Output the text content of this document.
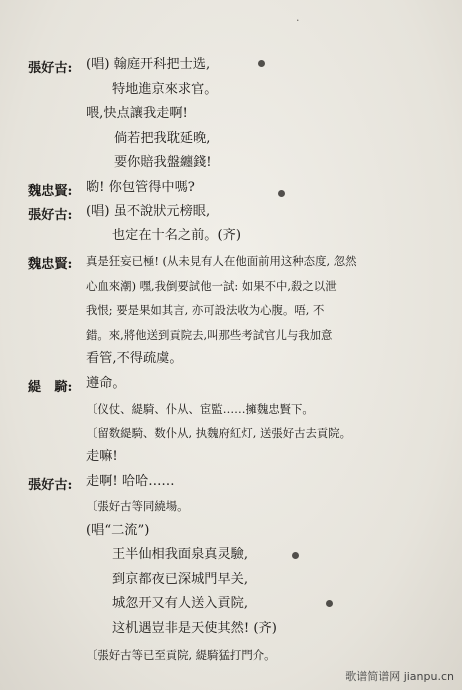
·
張好古: (唱) 翰庭开科把士选,
特地進京來求官。
喂,快点讓我走啊!
倘若把我耽延晚,
要你賠我盤纏錢!
魏忠賢: 喲! 你包管得中嗎?
張好古: (唱) 虽不說狀元榜眼,
也定在十名之前。(齐)
魏忠賢: 真是狂妄已極! (从未見有人在他面前用这种态度, 忽然
心血來潮) 嘿,我倒要試他一試: 如果不中,殺之以泄
我恨; 要是果如其言, 亦可設法收为心腹。唔, 不
錯。來,將他送到貢院去,叫那些考試官儿与我加意
看管,不得疏虞。
緹　騎: 遵命。
〔仪仗、緹騎、仆从、宦監……擁魏忠賢下。
〔留数緹騎、数仆从, 执魏府紅灯, 送張好古去貢院。
走嘛!
張好古: 走啊! 哈哈……
〔張好古等同繞場。
(唱“二流”)
王半仙相我面泉真灵驗,
到京都夜已深城門早关,
城忽开又有人送入貢院,
这机遇豈非是天使其然! (齐)
〔張好古等已至貢院, 緹騎猛打門介。
歌谱简谱网 jianpu.cn
